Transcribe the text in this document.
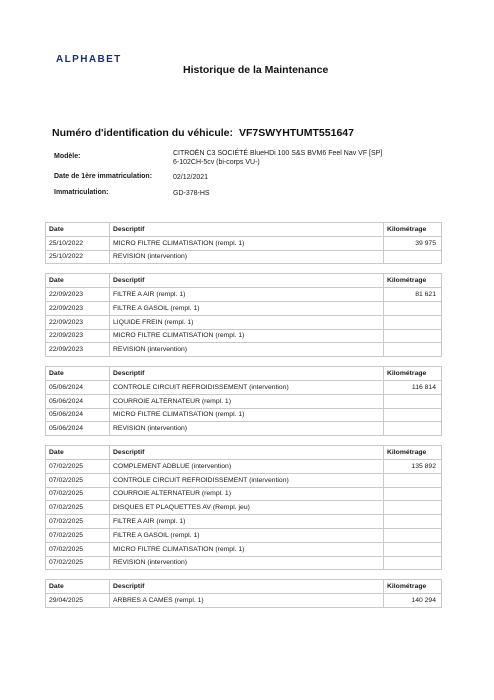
ALPHABET
Historique de la Maintenance
Numéro d'identification du véhicule: VF7SWYHTUMT551647
Modèle:	CITROËN C3 SOCIÉTÉ BlueHDi 100 S&S BVM6 Feel Nav VF [SP]
6-102CH-5cv (bi-corps VU-)
Date de 1ère immatriculation:	02/12/2021
Immatriculation:	GD-378-HS
Date	Descriptif	Kilométrage
25/10/2022	MICRO FILTRE CLIMATISATION (rempl. 1)	39 975
25/10/2022	REVISION (intervention)	
Date	Descriptif	Kilométrage
22/09/2023	FILTRE A AIR (rempl. 1)	81 621
22/09/2023	FILTRE A GASOIL (rempl. 1)	
22/09/2023	LIQUIDE FREIN (rempl. 1)	
22/09/2023	MICRO FILTRE CLIMATISATION (rempl. 1)	
22/09/2023	REVISION (intervention)	
Date	Descriptif	Kilométrage
05/06/2024	CONTROLE CIRCUIT REFROIDISSEMENT (intervention)	116 814
05/06/2024	COURROIE ALTERNATEUR (rempl. 1)	
05/06/2024	MICRO FILTRE CLIMATISATION (rempl. 1)	
05/06/2024	REVISION (intervention)	
Date	Descriptif	Kilométrage
07/02/2025	COMPLEMENT ADBLUE (intervention)	135 892
07/02/2025	CONTROLE CIRCUIT REFROIDISSEMENT (intervention)	
07/02/2025	COURROIE ALTERNATEUR (rempl. 1)	
07/02/2025	DISQUES ET PLAQUETTES AV (Rempl. jeu)	
07/02/2025	FILTRE A AIR (rempl. 1)	
07/02/2025	FILTRE A GASOIL (rempl. 1)	
07/02/2025	MICRO FILTRE CLIMATISATION (rempl. 1)	
07/02/2025	REVISION (intervention)	
Date	Descriptif	Kilométrage
29/04/2025	ARBRES A CAMES (rempl. 1)	140 294
